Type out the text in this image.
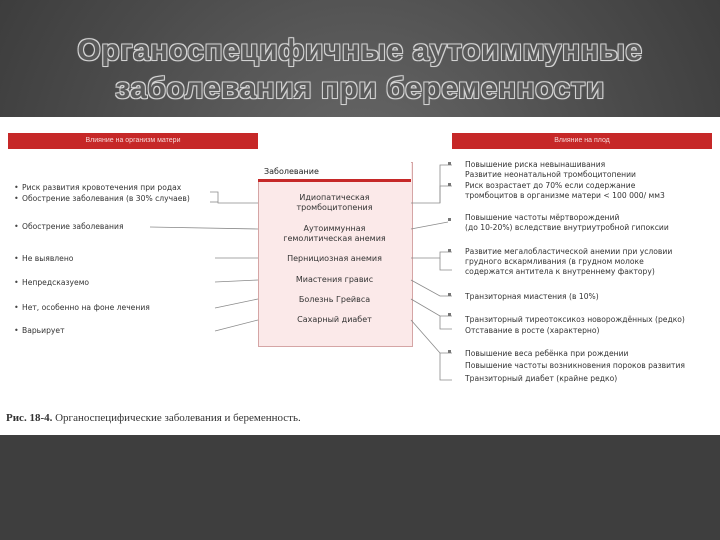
Органоспецифичные аутоиммунные
заболевания при беременности
Влияние на организм матери	Влияние на плод
Заболевание
Идиопатическая тромбоцитопения
Аутоиммунная гемолитическая анемия
Пернициозная анемия
Миастения гравис
Болезнь Грейвса
Сахарный диабет
• Риск развития кровотечения при родах
• Обострение заболевания (в 30% случаев)
• Обострение заболевания
• Не выявлено
• Непредсказуемо
• Нет, особенно на фоне лечения
• Варьирует
Повышение риска невынашивания
Развитие неонатальной тромбоцитопении
Риск возрастает до 70% если содержание
тромбоцитов в организме матери < 100 000/ мм3
Повышение частоты мёртворождений
(до 10-20%) вследствие внутриутробной гипоксии
Развитие мегалобластической анемии при условии
грудного вскармливания (в грудном молоке
содержатся антитела к внутреннему фактору)
Транзиторная миастения (в 10%)
Транзиторный тиреотоксикоз новорождённых (редко)
Отставание в росте (характерно)
Повышение веса ребёнка при рождении
Повышение частоты возникновения пороков развития
Транзиторный диабет (крайне редко)
Рис. 18-4. Органоспецифические заболевания и беременность.
